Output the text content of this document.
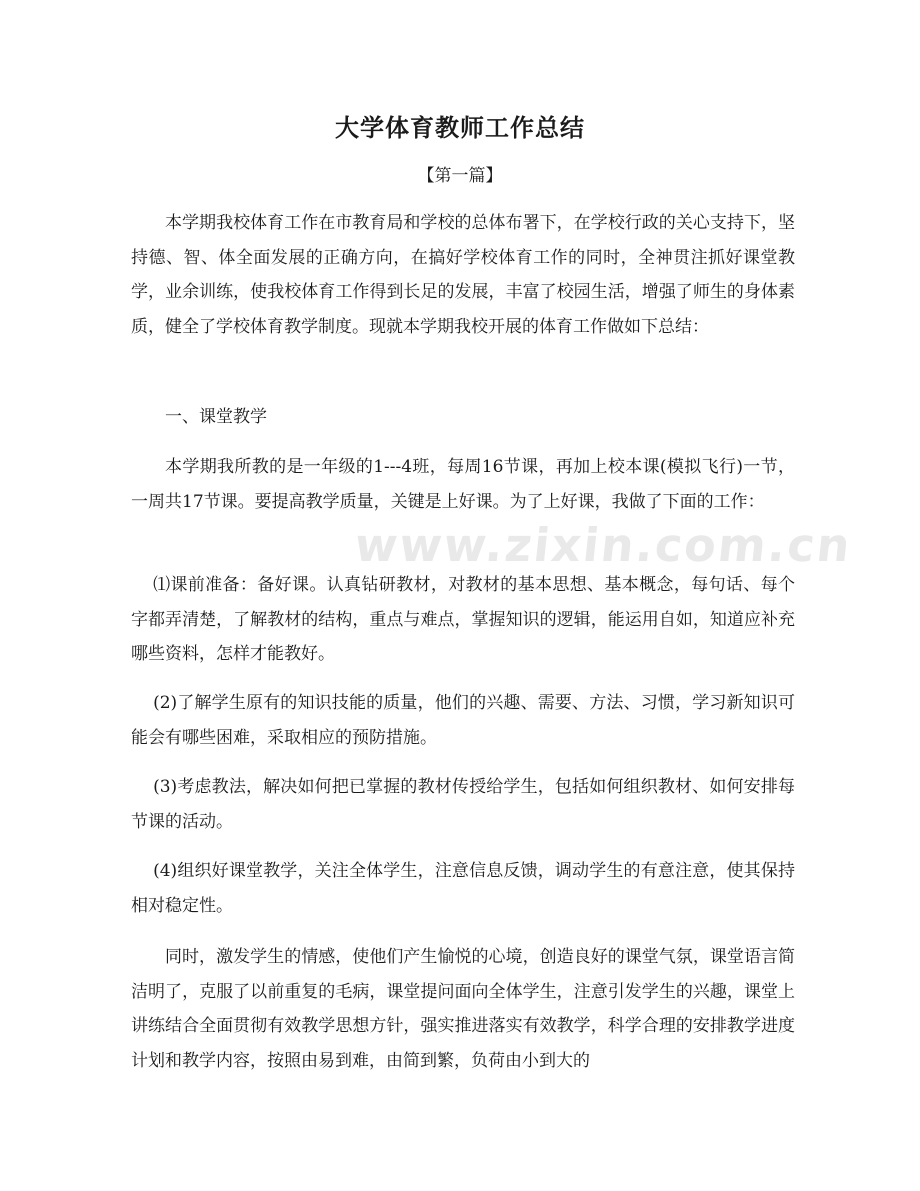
www.zixin.com.cn
大学体育教师工作总结

【第一篇】

本学期我校体育工作在市教育局和学校的总体布署下，在学校行政的关心支持下，坚持德、智、体全面发展的正确方向，在搞好学校体育工作的同时，全神贯注抓好课堂教学，业余训练，使我校体育工作得到长足的发展，丰富了校园生活，增强了师生的身体素质，健全了学校体育教学制度。现就本学期我校开展的体育工作做如下总结：

一、课堂教学

本学期我所教的是一年级的1---4班，每周16节课，再加上校本课(模拟飞行)一节，一周共17节课。要提高教学质量，关键是上好课。为了上好课，我做了下面的工作：

⑴课前准备：备好课。认真钻研教材，对教材的基本思想、基本概念，每句话、每个字都弄清楚，了解教材的结构，重点与难点，掌握知识的逻辑，能运用自如，知道应补充哪些资料，怎样才能教好。

(2)了解学生原有的知识技能的质量，他们的兴趣、需要、方法、习惯，学习新知识可能会有哪些困难，采取相应的预防措施。

(3)考虑教法，解决如何把已掌握的教材传授给学生，包括如何组织教材、如何安排每节课的活动。

(4)组织好课堂教学，关注全体学生，注意信息反馈，调动学生的有意注意，使其保持相对稳定性。

同时，激发学生的情感，使他们产生愉悦的心境，创造良好的课堂气氛，课堂语言简洁明了，克服了以前重复的毛病，课堂提问面向全体学生，注意引发学生的兴趣，课堂上讲练结合全面贯彻有效教学思想方针，强实推进落实有效教学，科学合理的安排教学进度计划和教学内容，按照由易到难，由简到繁，负荷由小到大的
